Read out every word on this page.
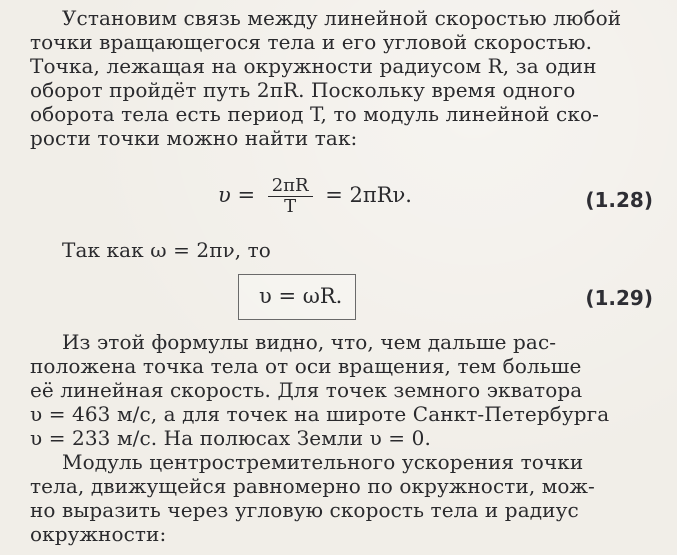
Установим связь между линейной скоростью любой
точки вращающегося тела и его угловой скоростью.
Точка, лежащая на окружности радиусом R, за один
оборот пройдёт путь 2πR. Поскольку время одного
оборота тела есть период T, то модуль линейной ско-
рости точки можно найти так:
$\upsilon = \frac{2\pi R}{T} = 2\pi R\nu$.	(1.28)
Так как ω = 2πν, то
υ = ωR.	(1.29)
Из этой формулы видно, что, чем дальше рас-
положена точка тела от оси вращения, тем больше
её линейная скорость. Для точек земного экватора
υ = 463 м/с, а для точек на широте Санкт-Петербурга
υ = 233 м/с. На полюсах Земли υ = 0.
Модуль центростремительного ускорения точки
тела, движущейся равномерно по окружности, мож-
но выразить через угловую скорость тела и радиус
окружности:
